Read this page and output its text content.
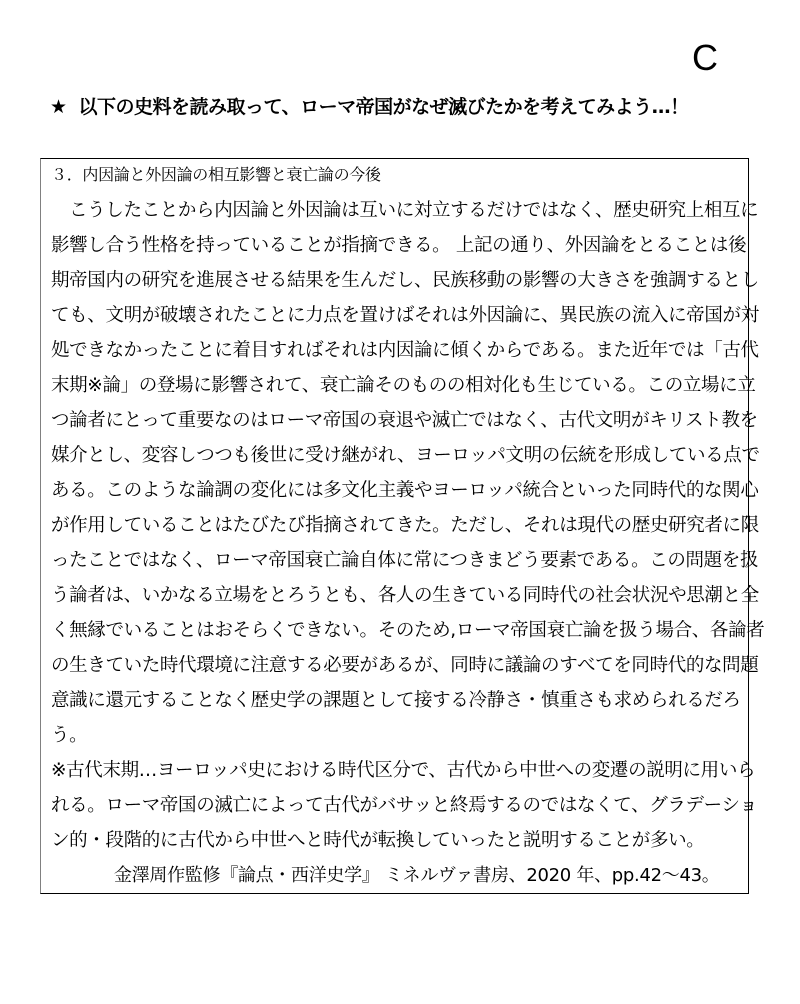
C
★ 以下の史料を読み取って、ローマ帝国がなぜ滅びたかを考えてみよう…！
３．内因論と外因論の相互影響と衰亡論の今後
こうしたことから内因論と外因論は互いに対立するだけではなく、歴史研究上相互に
影響し合う性格を持っていることが指摘できる。 上記の通り、外因論をとることは後
期帝国内の研究を進展させる結果を生んだし、民族移動の影響の大きさを強調するとし
ても、文明が破壊されたことに力点を置けばそれは外因論に、異民族の流入に帝国が対
処できなかったことに着目すればそれは内因論に傾くからである。また近年では「古代
末期※論」の登場に影響されて、衰亡論そのものの相対化も生じている。この立場に立
つ論者にとって重要なのはローマ帝国の衰退や滅亡ではなく、古代文明がキリスト教を
媒介とし、変容しつつも後世に受け継がれ、ヨーロッパ文明の伝統を形成している点で
ある。このような論調の変化には多文化主義やヨーロッパ統合といった同時代的な関心
が作用していることはたびたび指摘されてきた。ただし、それは現代の歴史研究者に限
ったことではなく、ローマ帝国衰亡論自体に常につきまどう要素である。この問題を扱
う論者は、いかなる立場をとろうとも、各人の生きている同時代の社会状況や思潮と全
く無縁でいることはおそらくできない。そのため,ローマ帝国衰亡論を扱う場合、各論者
の生きていた時代環境に注意する必要があるが、同時に議論のすべてを同時代的な問題
意識に還元することなく歴史学の課題として接する冷静さ・慎重さも求められるだろ
う。
※古代末期…ヨーロッパ史における時代区分で、古代から中世への変遷の説明に用いら
れる。ローマ帝国の滅亡によって古代がバサッと終焉するのではなくて、グラデーショ
ン的・段階的に古代から中世へと時代が転換していったと説明することが多い。
金澤周作監修『論点・西洋史学』 ミネルヴァ書房、2020 年、pp.42～43。
